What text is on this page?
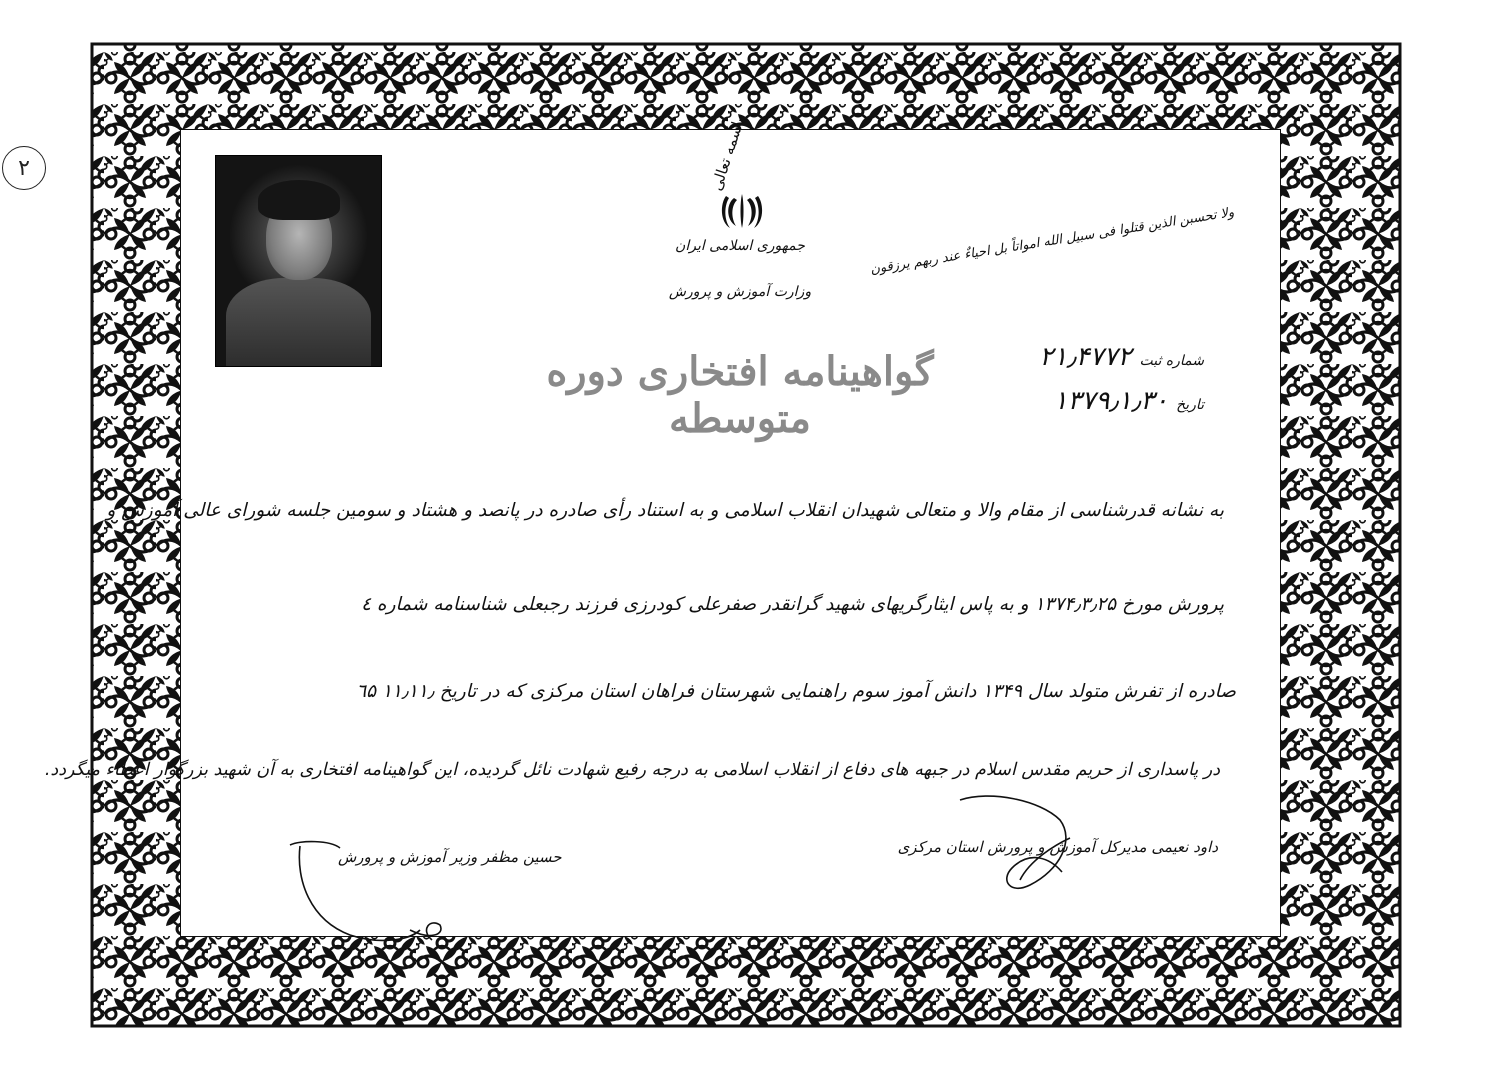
۲	باسمه تعالی
جمهوری اسلامی ایران
وزارت آموزش و پرورش
ولا تحسبن الذین قتلوا فی سبیل الله امواتاً بل احیاءٌ عند ربهم یرزقون
گواهینامه افتخاری دوره متوسطه
شماره ثبت
۲۱٫۴۷۷۲
تاریخ
۱۳۷۹٫۱٫۳۰
به نشانه قدرشناسی از مقام والا و متعالی شهیدان انقلاب اسلامی و به استناد رأی صادره در پانصد و هشتاد و سومین جلسه شورای عالی آموزش و
پرورش مورخ ۱۳۷۴٫۳٫۲۵ و به پاس ایثارگریهای شهید گرانقدر صفرعلی کودرزی فرزند رجبعلی شناسنامه شماره ٤
صادره از تفرش متولد سال ۱۳۴۹ دانش آموز سوم راهنمایی شهرستان فراهان استان مرکزی که در تاریخ ۱۱٫۱۱٫ ٦۵
در پاسداری از حریم مقدس اسلام در جبهه های دفاع از انقلاب اسلامی به درجه رفیع شهادت نائل گردیده، این گواهینامه افتخاری به آن شهید بزرگوار اعطاء میگردد.
حسین مظفر وزیر آموزش و پرورش
داود نعیمی مدیرکل آموزش و پرورش استان مرکزی
